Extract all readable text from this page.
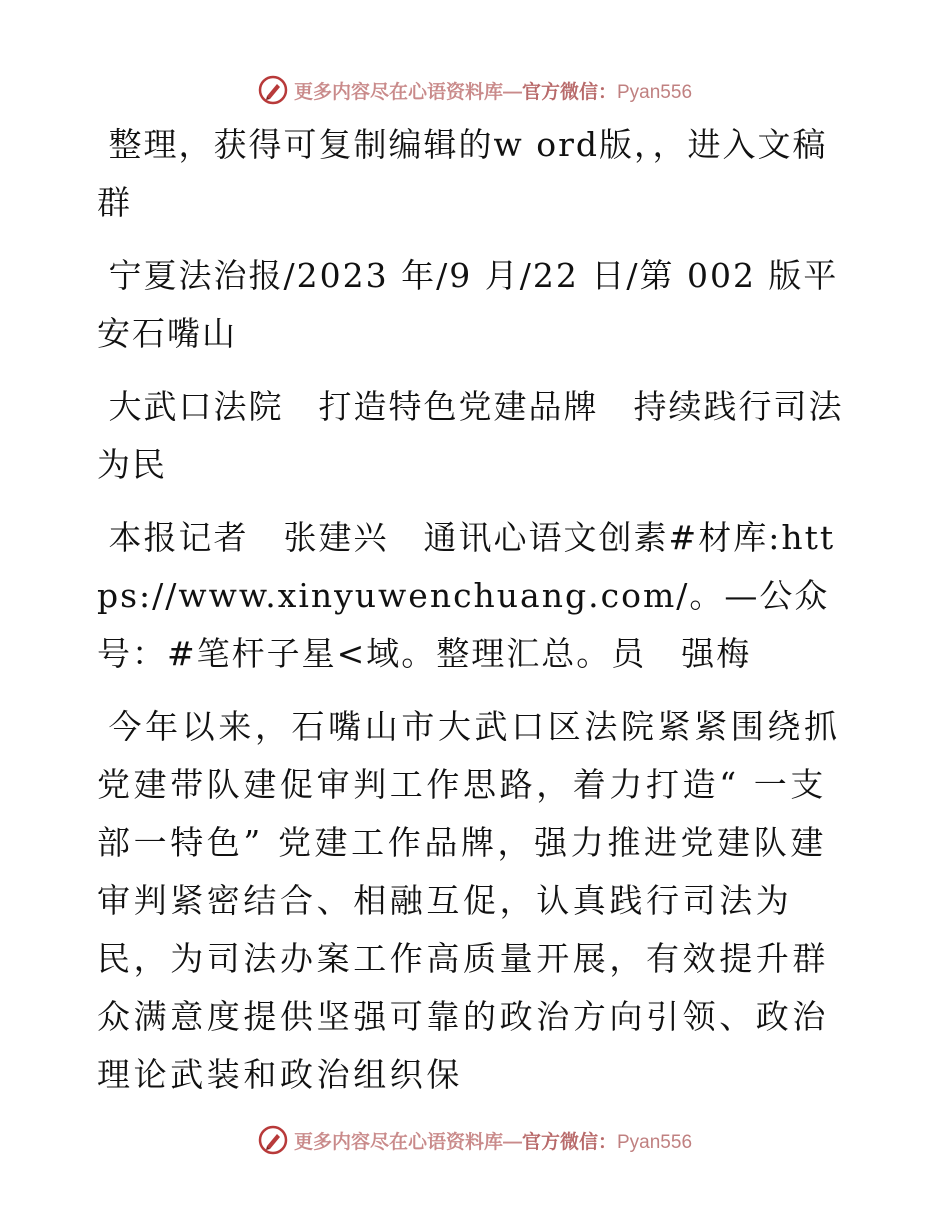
更多内容尽在心语资料库—官方微信：Pyan556

整理，获得可复制编辑的w ord版，，进入文稿群

宁夏法治报/2023 年/9 月/22 日/第 002 版平安石嘴山

大武口法院　打造特色党建品牌　持续践行司法为民

本报记者　张建兴　通讯心语文创素#材库:https://www.xinyuwenchuang.com/。—公众号：#笔杆子星<域。整理汇总。员　强梅

今年以来，石嘴山市大武口区法院紧紧围绕抓党建带队建促审判工作思路，着力打造“ 一支部一特色” 党建工作品牌，强力推进党建队建审判紧密结合、相融互促，认真践行司法为民，为司法办案工作高质量开展，有效提升群众满意度提供坚强可靠的政治方向引领、政治理论武装和政治组织保

更多内容尽在心语资料库—官方微信：Pyan556
